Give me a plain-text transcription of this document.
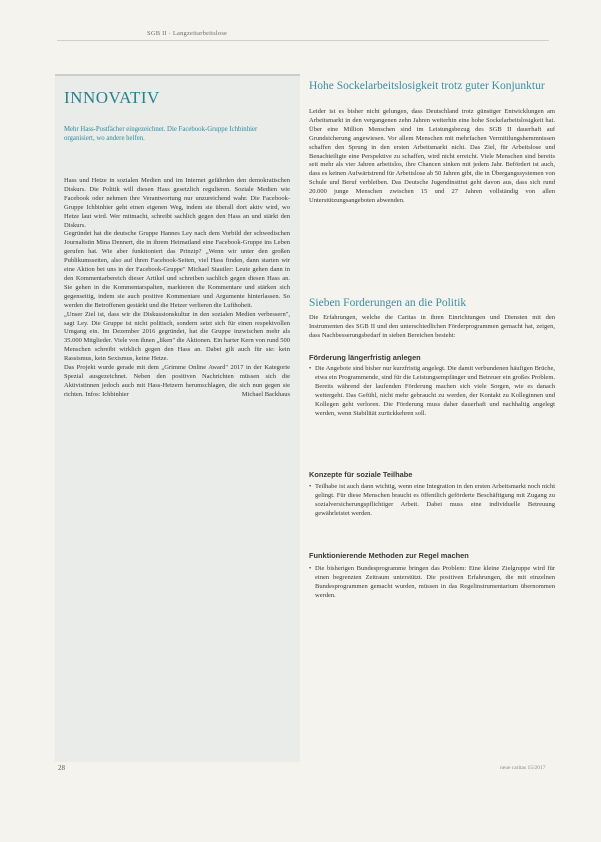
SGB II · Langzeitarbeitslose
INNOVATIV
Mehr Hass-Postfächer eingezeichnet. Die Facebook-Gruppe Ichbinhier organisiert, wo andere helfen.

Hass und Hetze in sozialen Medien und im Internet gefährden den demokratischen Diskurs. Die Politik will diesen Hass gesetzlich regulieren. Soziale Medien wie Facebook oder nehmen ihre Verantwortung nur unzureichend wahr. Die Facebook-Gruppe Ichbinhier geht einen eigenen Weg, indem sie überall dort aktiv wird, wo Hetze laut wird. Wer mitmacht, schreibt sachlich gegen den Hass an und stärkt den Diskurs.

Gegründet hat die deutsche Gruppe Hannes Ley nach dem Vorbild der schwedischen Journalistin Mina Dennert, die in ihrem Heimatland eine Facebook-Gruppe ins Leben gerufen hat. Wie aber funktioniert das Prinzip? „Wenn wir unter den großen Publikumsseiten, also auf ihren Facebook-Seiten, viel Hass finden, dann starten wir eine Aktion bei uns in der Facebook-Gruppe" Michael Stautler: Leute gehen dann in den Kommentarbereich dieser Artikel und schreiben sachlich gegen diesen Hass an. Sie gehen in die Kommentarspalten, markieren die Kommentare und stärken sich gegenseitig, indem sie auch positive Kommentare und Argumente hinterlassen. So werden die Betroffenen gestärkt und die Hetzer verlieren die Lufthoheit.

„Unser Ziel ist, dass wir die Diskussionskultur in den sozialen Medien verbessern", sagt Ley. Die Gruppe ist nicht politisch, sondern setzt sich für einen respektvollen Umgang ein. Im Dezember 2016 gegründet, hat die Gruppe inzwischen mehr als 35.000 Mitglieder. Viele von ihnen „liken" die Aktionen. Ein harter Kern von rund 500 Menschen schreibt wirklich gegen den Hass an. Dabei gilt auch für sie: kein Rassismus, kein Sexismus, keine Hetze.

Das Projekt wurde gerade mit dem „Grimme Online Award" 2017 in der Kategorie Spezial ausgezeichnet. Neben den positiven Nachrichten müssen sich die Aktivistinnen jedoch auch mit Hass-Hetzern herumschlagen, die sich nun gegen sie richten. Infos: Ichbinhier	Michael Backhaus

Hohe Sockelarbeitslosigkeit trotz guter Konjunktur

Leider ist es bisher nicht gelungen, dass Deutschland trotz günstiger Entwicklungen am Arbeitsmarkt in den vergangenen zehn Jahren weiterhin eine hohe Sockelarbeitslosigkeit hat. Über eine Million Menschen sind im Leistungsbezug des SGB II dauerhaft auf Grundsicherung angewiesen. Vor allem Menschen mit mehrfachen Vermittlungshemmnissen schaffen den Sprung in den ersten Arbeitsmarkt nicht. Das Ziel, für Arbeitslose und Benachteiligte eine Perspektive zu schaffen, wird nicht erreicht. Viele Menschen sind bereits seit mehr als vier Jahren arbeitslos, ihre Chancen sinken mit jedem Jahr. Befördert ist auch, dass es keinen Aufwärtstrend für Arbeitslose ab 50 Jahren gibt, die in Übergangssystemen von Schule und Beruf verbleiben. Das Deutsche Jugendinstitut geht davon aus, dass sich rund 20.000 junge Menschen zwischen 15 und 27 Jahren vollständig von allen Unterstützungsangeboten abwenden.

Sieben Forderungen an die Politik

Die Erfahrungen, welche die Caritas in ihren Einrichtungen und Diensten mit den Instrumenten des SGB II und den unterschiedlichen Förderprogrammen gemacht hat, zeigen, dass Nachbesserungsbedarf in sieben Bereichen besteht:

Förderung längerfristig anlegen
• Die Angebote sind bisher nur kurzfristig angelegt. Die damit verbundenen häufigen Brüche, etwa ein Programmende, sind für die Leistungsempfänger und Betreuer ein großes Problem. Bereits während der laufenden Förderung machen sich viele Sorgen, wie es danach weitergeht. Das Gefühl, nicht mehr gebraucht zu werden, der Kontakt zu Kolleginnen und Kollegen geht verloren. Die Förderung muss daher dauerhaft und nachhaltig angelegt werden, wenn Stabilität zurückkehren soll.

Konzepte für soziale Teilhabe
• Teilhabe ist auch dann wichtig, wenn eine Integration in den ersten Arbeitsmarkt noch nicht gelingt. Für diese Menschen braucht es öffentlich geförderte Beschäftigung mit Zugang zu sozialversicherungspflichtiger Arbeit. Dabei muss eine individuelle Betreuung gewährleistet werden.

Funktionierende Methoden zur Regel machen
• Die bisherigen Bundesprogramme bringen das Problem: Eine kleine Zielgruppe wird für einen begrenzten Zeitraum unterstützt. Die positiven Erfahrungen, die mit einzelnen Bundesprogrammen gemacht wurden, müssen in das Regelinstrumentarium übernommen werden.

28	neue caritas 15/2017
